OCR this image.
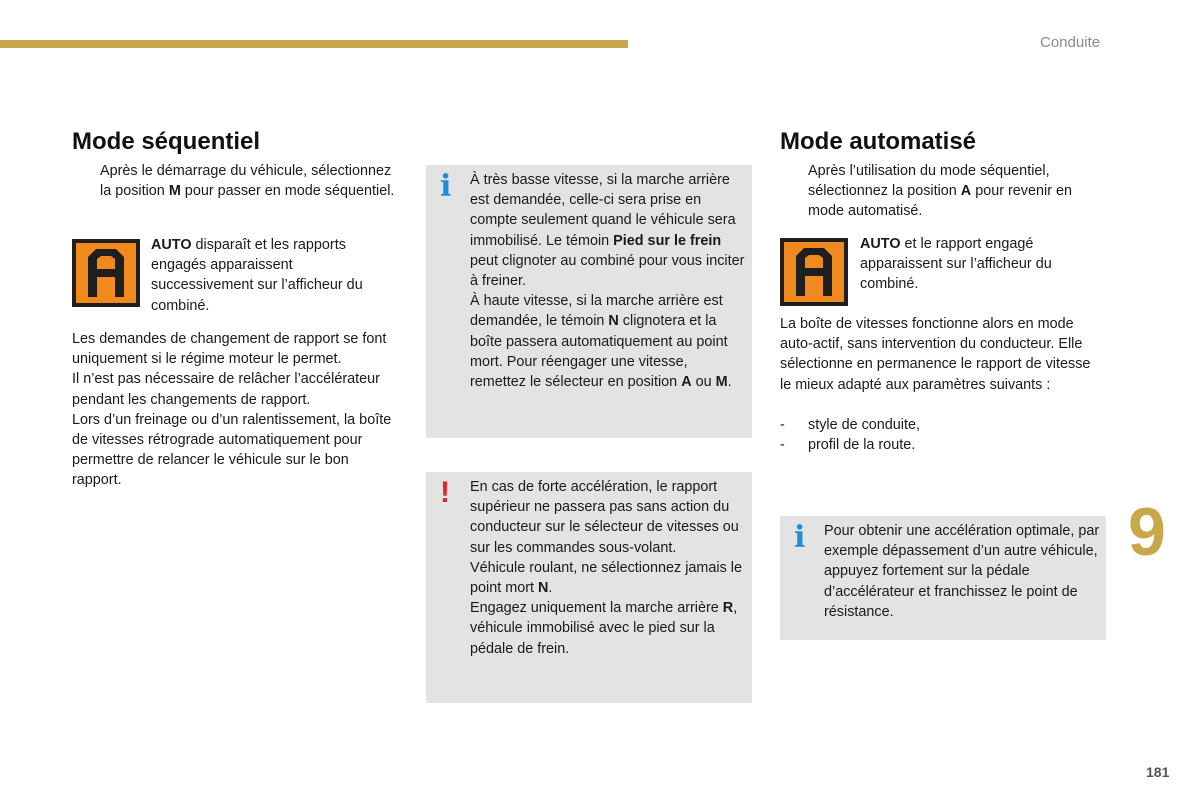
Conduite
Mode séquentiel
Après le démarrage du véhicule, sélectionnez la position M pour passer en mode séquentiel.
AUTO disparaît et les rapports engagés apparaissent successivement sur l’afficheur du combiné.

Les demandes de changement de rapport se font uniquement si le régime moteur le permet.

Il n’est pas nécessaire de relâcher l’accélérateur pendant les changements de rapport.

Lors d’un freinage ou d’un ralentissement, la boîte de vitesses rétrograde automatiquement pour permettre de relancer le véhicule sur le bon rapport.

i À très basse vitesse, si la marche arrière est demandée, celle-ci sera prise en compte seulement quand le véhicule sera immobilisé. Le témoin Pied sur le frein peut clignoter au combiné pour vous inciter à freiner.

À haute vitesse, si la marche arrière est demandée, le témoin N clignotera et la boîte passera automatiquement au point mort. Pour réengager une vitesse, remettez le sélecteur en position A ou M.

! En cas de forte accélération, le rapport supérieur ne passera pas sans action du conducteur sur le sélecteur de vitesses ou sur les commandes sous-volant.

Véhicule roulant, ne sélectionnez jamais le point mort N.

Engagez uniquement la marche arrière R, véhicule immobilisé avec le pied sur la pédale de frein.

Mode automatisé
Après l’utilisation du mode séquentiel, sélectionnez la position A pour revenir en mode automatisé.
AUTO et le rapport engagé apparaissent sur l’afficheur du combiné.

La boîte de vitesses fonctionne alors en mode auto-actif, sans intervention du conducteur. Elle sélectionne en permanence le rapport de vitesse le mieux adapté aux paramètres suivants :

- style de conduite,
- profil de la route.
i Pour obtenir une accélération optimale, par exemple dépassement d’un autre véhicule, appuyez fortement sur la pédale d’accélérateur et franchissez le point de résistance.
9
181
